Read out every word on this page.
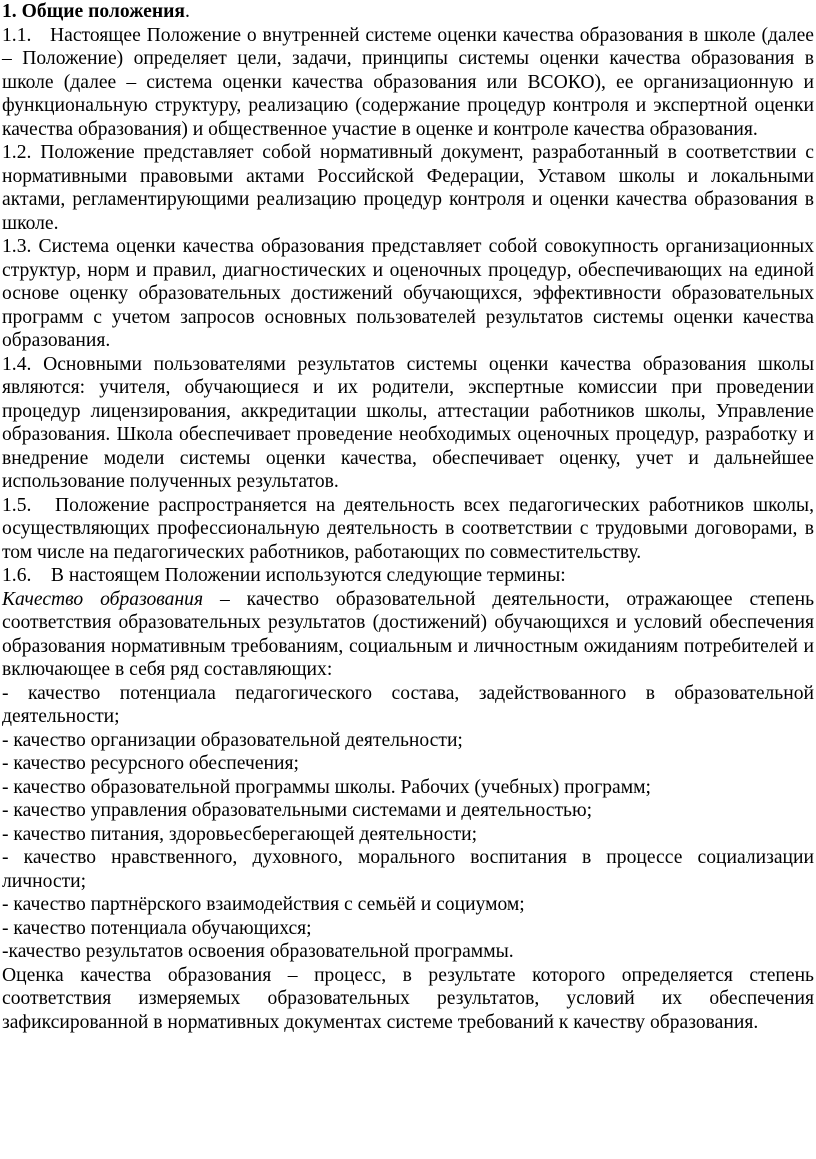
1. Общие положения.

1.1. Настоящее Положение о внутренней системе оценки качества образования в школе (далее – Положение) определяет цели, задачи, принципы системы оценки качества образования в школе (далее – система оценки качества образования или ВСОКО), ее организационную и функциональную структуру, реализацию (содержание процедур контроля и экспертной оценки качества образования) и общественное участие в оценке и контроле качества образования.

1.2. Положение представляет собой нормативный документ, разработанный в соответствии с нормативными правовыми актами Российской Федерации, Уставом школы и локальными актами, регламентирующими реализацию процедур контроля и оценки качества образования в школе.

1.3. Система оценки качества образования представляет собой совокупность организационных структур, норм и правил, диагностических и оценочных процедур, обеспечивающих на единой основе оценку образовательных достижений обучающихся, эффективности образовательных программ с учетом запросов основных пользователей результатов системы оценки качества образования.

1.4. Основными пользователями результатов системы оценки качества образования школы являются: учителя, обучающиеся и их родители, экспертные комиссии при проведении процедур лицензирования, аккредитации школы, аттестации работников школы, Управление образования. Школа обеспечивает проведение необходимых оценочных процедур, разработку и внедрение модели системы оценки качества, обеспечивает оценку, учет и дальнейшее использование полученных результатов.

1.5. Положение распространяется на деятельность всех педагогических работников школы, осуществляющих профессиональную деятельность в соответствии с трудовыми договорами, в том числе на педагогических работников, работающих по совместительству.

1.6. В настоящем Положении используются следующие термины:

Качество образования – качество образовательной деятельности, отражающее степень соответствия образовательных результатов (достижений) обучающихся и условий обеспечения образования нормативным требованиям, социальным и личностным ожиданиям потребителей и включающее в себя ряд составляющих:

- качество потенциала педагогического состава, задействованного в образовательной деятельности;

- качество организации образовательной деятельности;

- качество ресурсного обеспечения;

- качество образовательной программы школы. Рабочих (учебных) программ;

- качество управления образовательными системами и деятельностью;

- качество питания, здоровьесберегающей деятельности;

- качество нравственного, духовного, морального воспитания в процессе социализации личности;

- качество партнёрского взаимодействия с семьёй и социумом;

- качество потенциала обучающихся;

-качество результатов освоения образовательной программы.

Оценка качества образования – процесс, в результате которого определяется степень соответствия измеряемых образовательных результатов, условий их обеспечения зафиксированной в нормативных документах системе требований к качеству образования.
